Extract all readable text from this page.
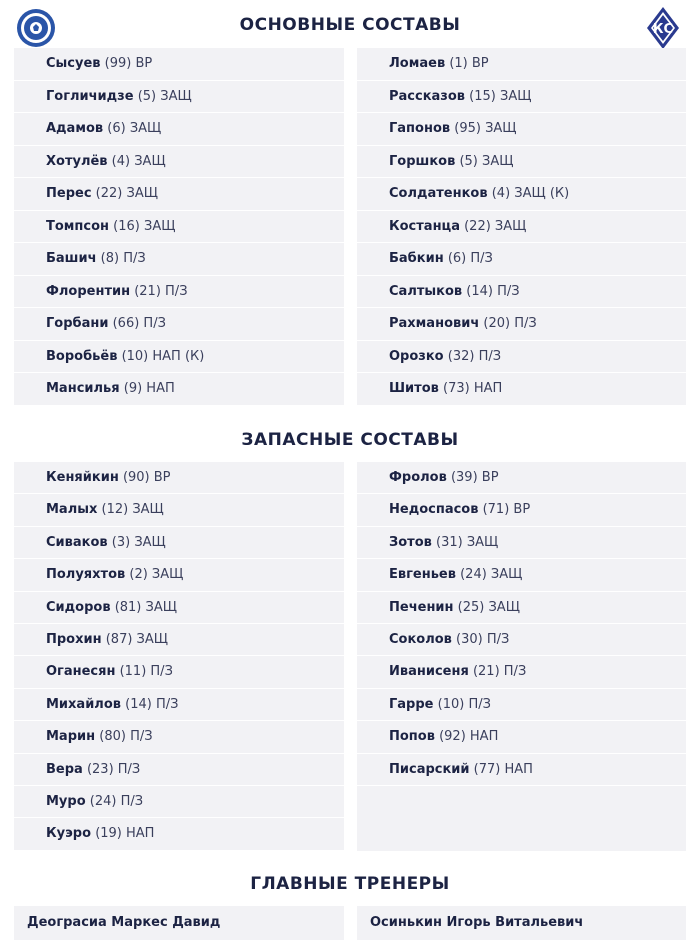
КС
ОСНОВНЫЕ СОСТАВЫ
Сысуев (99) ВР
Гогличидзе (5) ЗАЩ
Адамов (6) ЗАЩ
Хотулёв (4) ЗАЩ
Перес (22) ЗАЩ
Томпсон (16) ЗАЩ
Башич (8) П/З
Флорентин (21) П/З
Горбани (66) П/З
Воробьёв (10) НАП (К)
Мансилья (9) НАП
Ломаев (1) ВР
Рассказов (15) ЗАЩ
Гапонов (95) ЗАЩ
Горшков (5) ЗАЩ
Солдатенков (4) ЗАЩ (К)
Костанца (22) ЗАЩ
Бабкин (6) П/З
Салтыков (14) П/З
Рахманович (20) П/З
Орозко (32) П/З
Шитов (73) НАП
ЗАПАСНЫЕ СОСТАВЫ
Кеняйкин (90) ВР
Малых (12) ЗАЩ
Сиваков (3) ЗАЩ
Полуяхтов (2) ЗАЩ
Сидоров (81) ЗАЩ
Прохин (87) ЗАЩ
Оганесян (11) П/З
Михайлов (14) П/З
Марин (80) П/З
Вера (23) П/З
Муро (24) П/З
Куэро (19) НАП
Фролов (39) ВР
Недоспасов (71) ВР
Зотов (31) ЗАЩ
Евгеньев (24) ЗАЩ
Печенин (25) ЗАЩ
Соколов (30) П/З
Иванисеня (21) П/З
Гарре (10) П/З
Попов (92) НАП
Писарский (77) НАП
ГЛАВНЫЕ ТРЕНЕРЫ
Деограсиа Маркес Давид	Осинькин Игорь Витальевич
